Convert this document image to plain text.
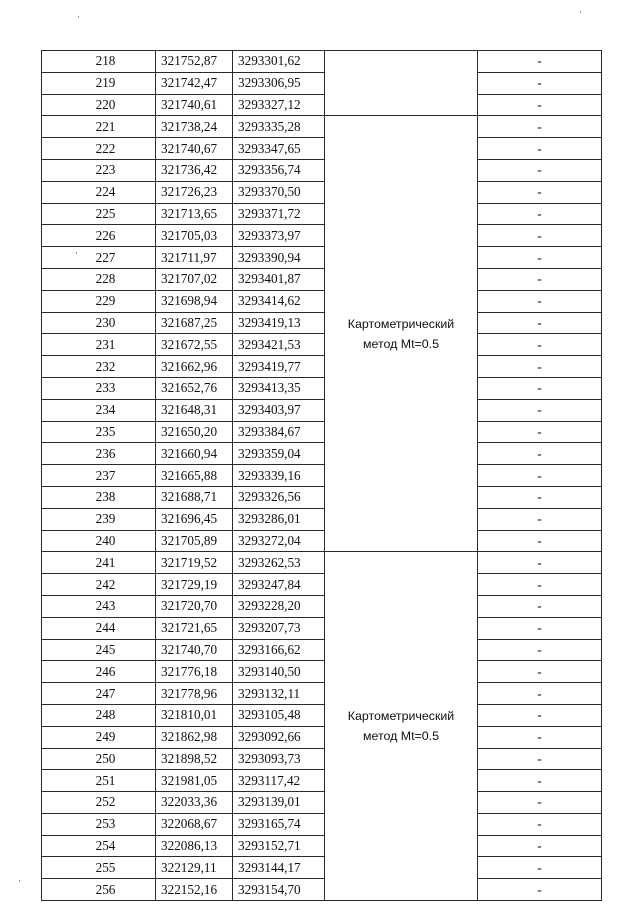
218	321752,87	3293301,62		-
219	321742,47	3293306,95		-
220	321740,61	3293327,12		-
221	321738,24	3293335,28	Картометрический
метод Mt=0.5	-
222	321740,67	3293347,65		-
223	321736,42	3293356,74		-
224	321726,23	3293370,50		-
225	321713,65	3293371,72		-
226	321705,03	3293373,97		-
227	321711,97	3293390,94		-
228	321707,02	3293401,87		-
229	321698,94	3293414,62		-
230	321687,25	3293419,13		-
231	321672,55	3293421,53		-
232	321662,96	3293419,77		-
233	321652,76	3293413,35		-
234	321648,31	3293403,97		-
235	321650,20	3293384,67		-
236	321660,94	3293359,04		-
237	321665,88	3293339,16		-
238	321688,71	3293326,56		-
239	321696,45	3293286,01		-
240	321705,89	3293272,04		-
241	321719,52	3293262,53	Картометрический
метод Mt=0.5	-
242	321729,19	3293247,84		-
243	321720,70	3293228,20		-
244	321721,65	3293207,73		-
245	321740,70	3293166,62		-
246	321776,18	3293140,50		-
247	321778,96	3293132,11		-
248	321810,01	3293105,48		-
249	321862,98	3293092,66		-
250	321898,52	3293093,73		-
251	321981,05	3293117,42		-
252	322033,36	3293139,01		-
253	322068,67	3293165,74		-
254	322086,13	3293152,71		-
255	322129,11	3293144,17		-
256	322152,16	3293154,70		-
